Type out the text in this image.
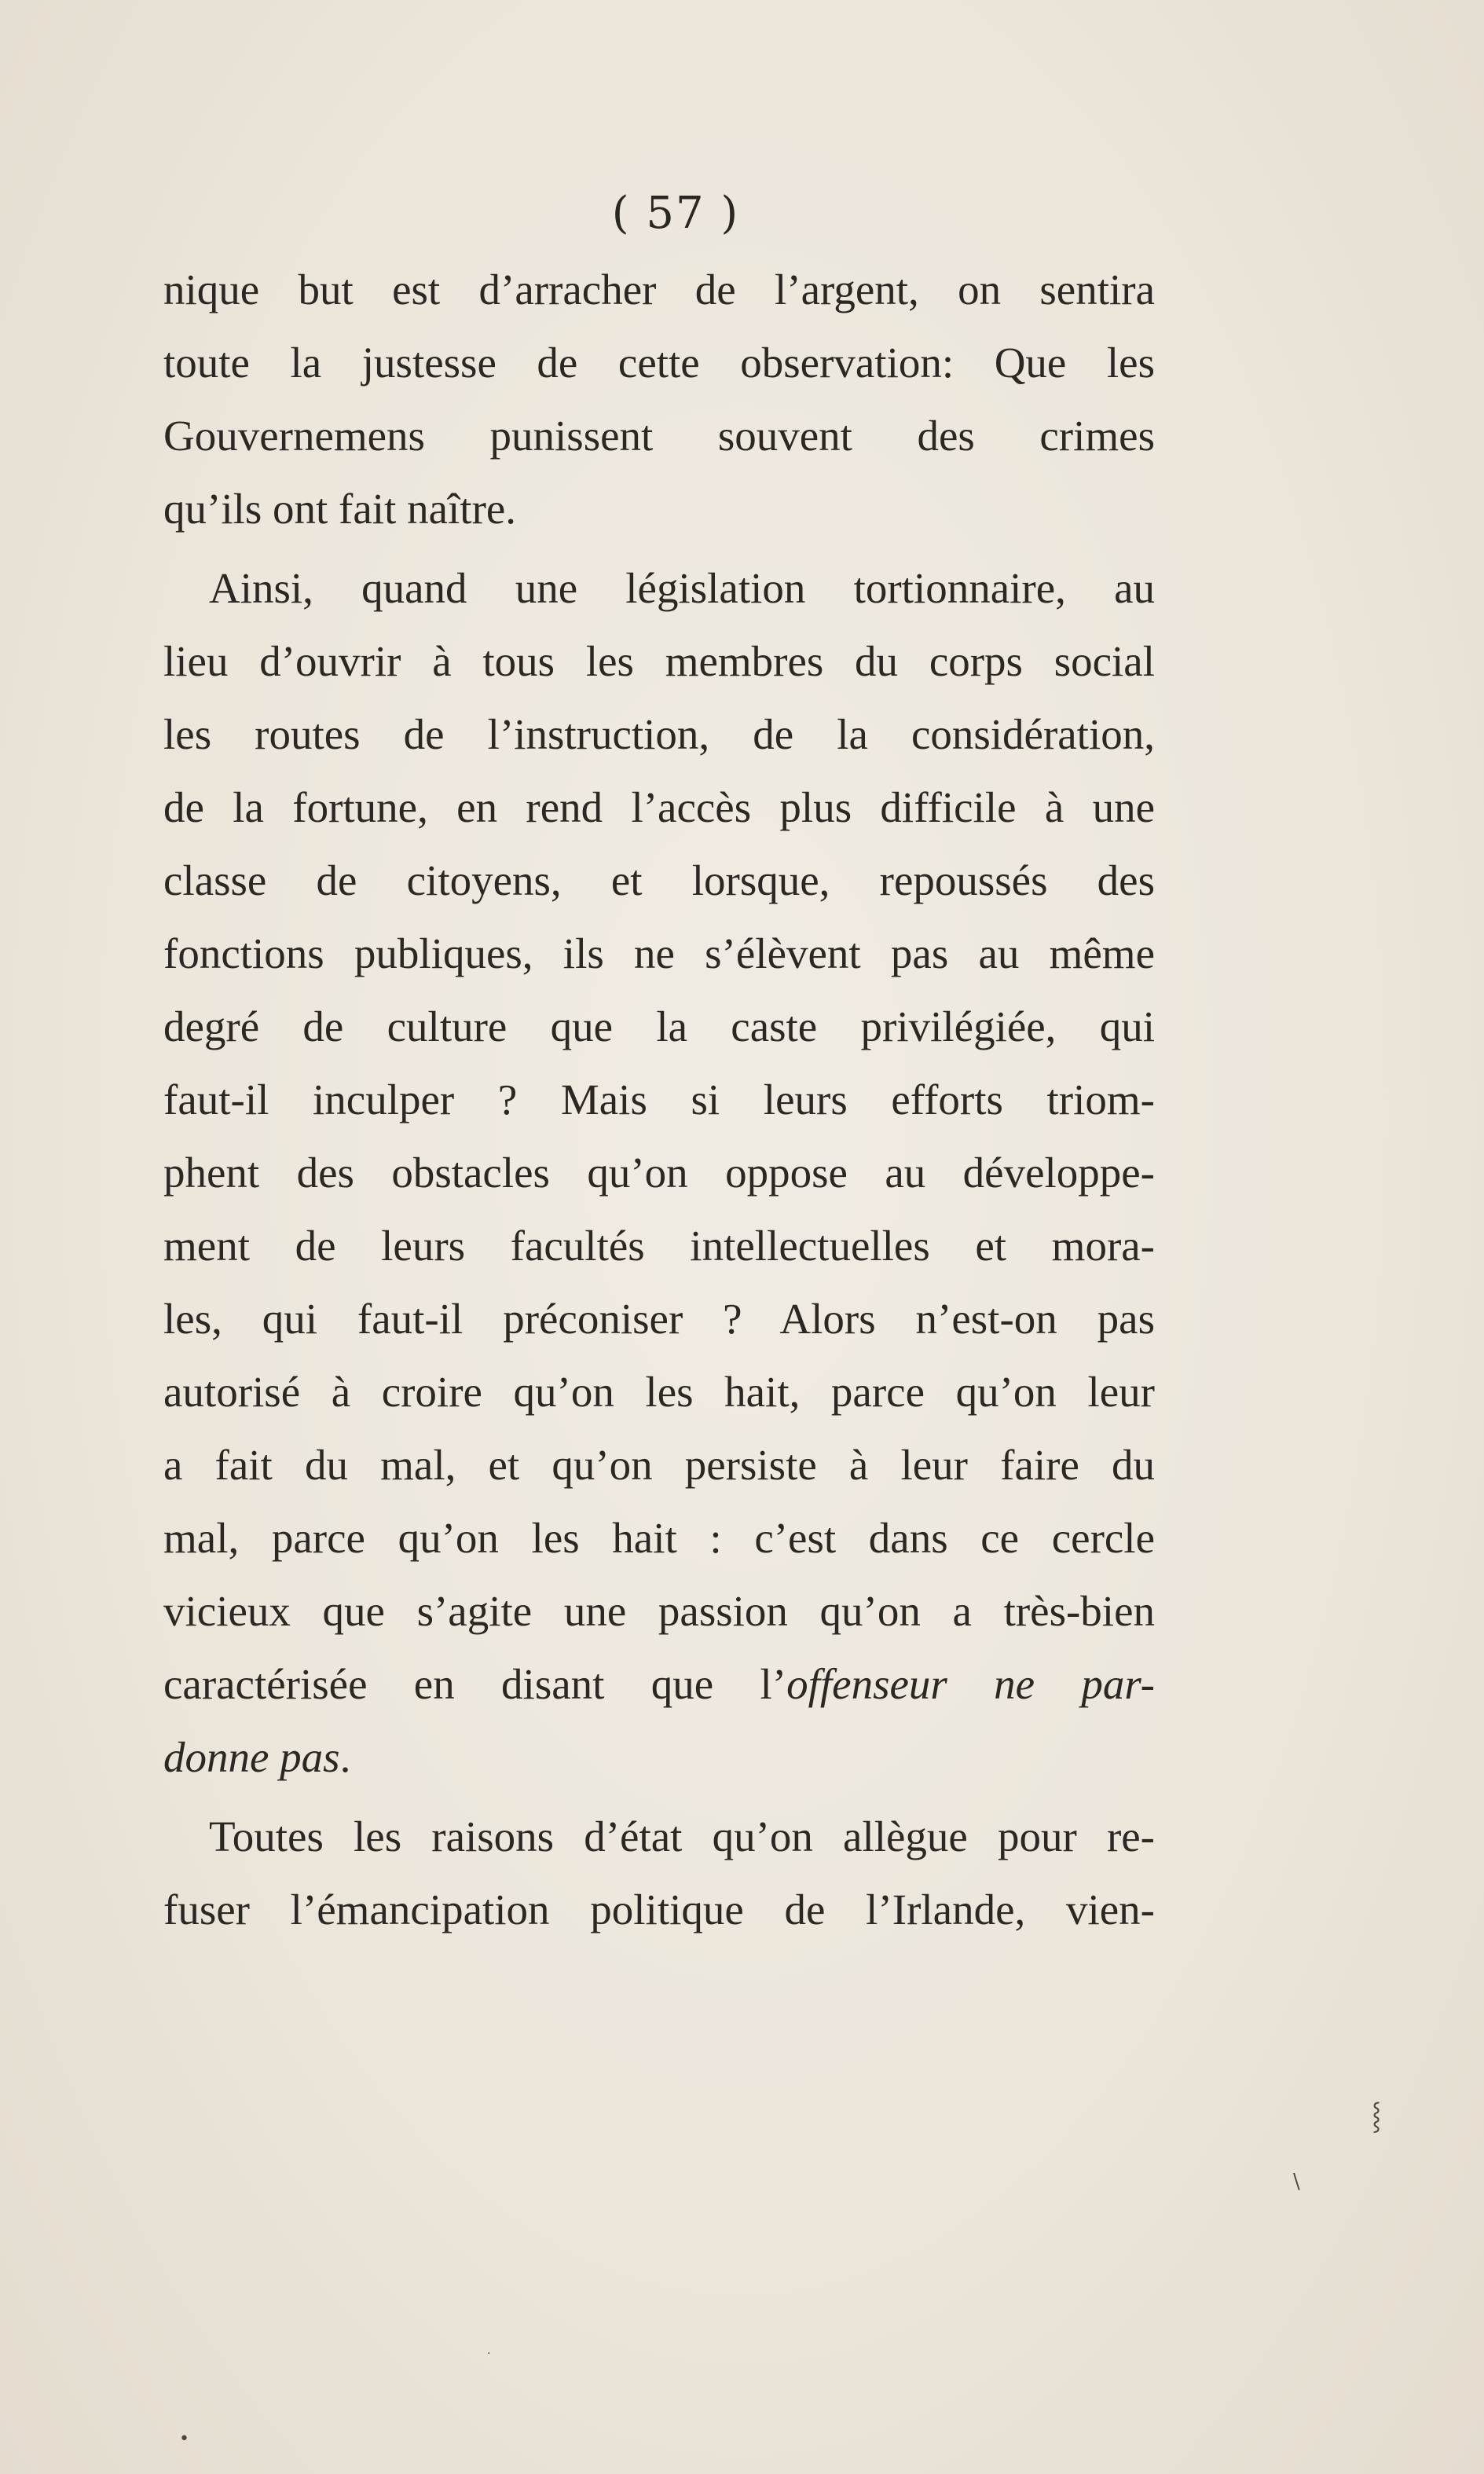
( 57 )
nique but est d’arracher de l’argent, on sentira
toute la justesse de cette observation: Que les
Gouvernemens punissent souvent des crimes
qu’ils ont fait naître.
Ainsi, quand une législation tortionnaire, au
lieu d’ouvrir à tous les membres du corps social
les routes de l’instruction, de la considération,
de la fortune, en rend l’accès plus difficile à une
classe de citoyens, et lorsque, repoussés des
fonctions publiques, ils ne s’élèvent pas au même
degré de culture que la caste privilégiée, qui
faut-il inculper ? Mais si leurs efforts triom-
phent des obstacles qu’on oppose au développe-
ment de leurs facultés intellectuelles et mora-
les, qui faut-il préconiser ? Alors n’est-on pas
autorisé à croire qu’on les hait, parce qu’on leur
a fait du mal, et qu’on persiste à leur faire du
mal, parce qu’on les hait : c’est dans ce cercle
vicieux que s’agite une passion qu’on a très-bien
caractérisée en disant que l’offenseur ne par-
donne pas.
Toutes les raisons d’état qu’on allègue pour re-
fuser l’émancipation politique de l’Irlande, vien-
⸾
\
•
·
